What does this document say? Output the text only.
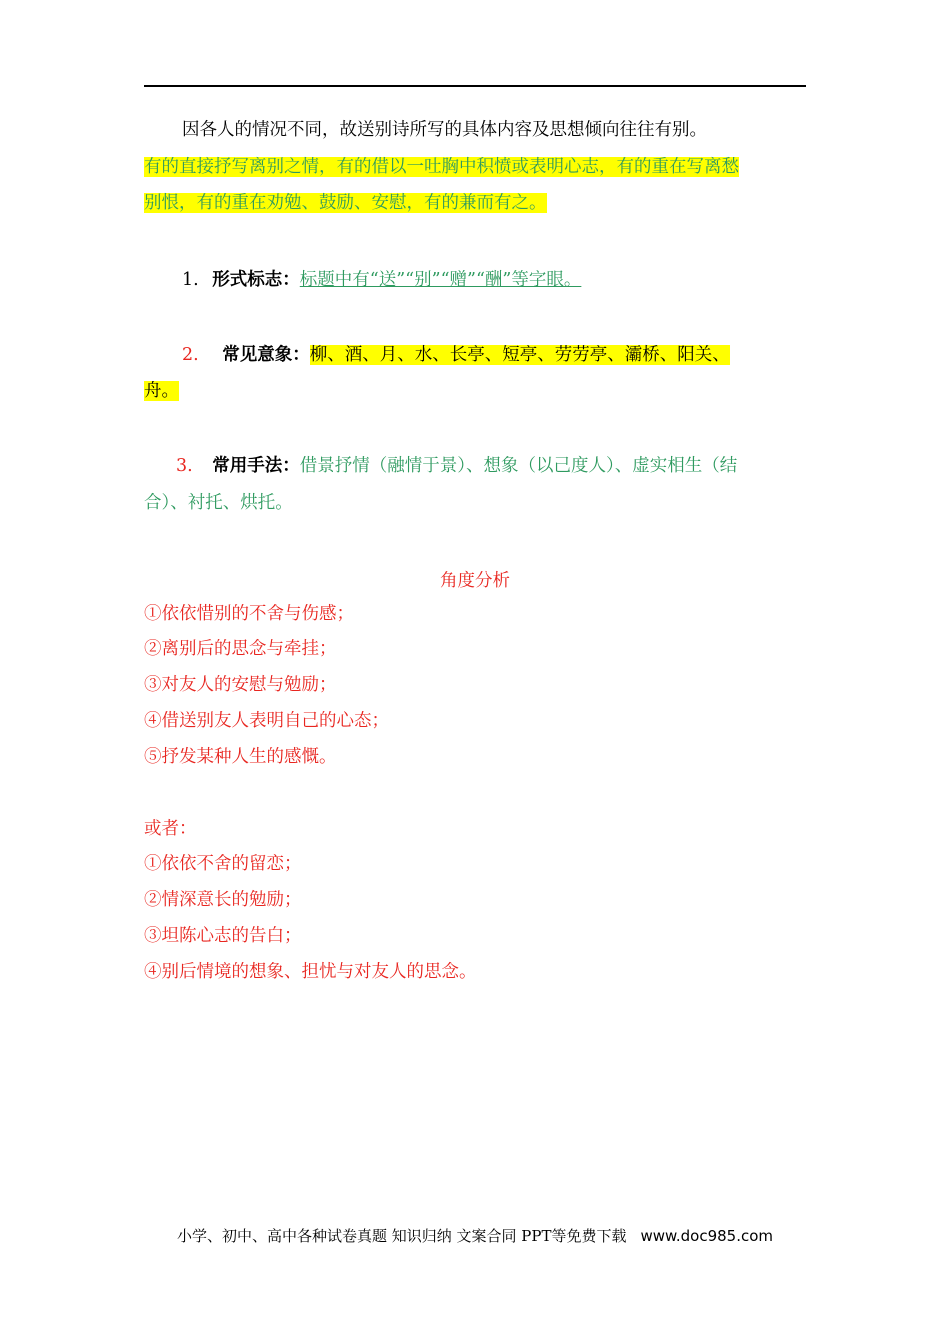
因各人的情况不同，故送别诗所写的具体内容及思想倾向往往有别。
有的直接抒写离别之情，有的借以一吐胸中积愤或表明心志，有的重在写离愁
别恨，有的重在劝勉、鼓励、安慰，有的兼而有之。
1. 形式标志：标题中有“送”“别”“赠”“酬”等字眼。
2. 常见意象：柳、酒、月、水、长亭、短亭、劳劳亭、灞桥、阳关、
舟。
3. 常用手法：借景抒情（融情于景）、想象（以己度人）、虚实相生（结
合）、衬托、烘托。
角度分析
①依依惜别的不舍与伤感；
②离别后的思念与牵挂；
③对友人的安慰与勉励；
④借送别友人表明自己的心态；
⑤抒发某种人生的感慨。
或者：
①依依不舍的留恋；
②情深意长的勉励；
③坦陈心志的告白；
④别后情境的想象、担忧与对友人的思念。
小学、初中、高中各种试卷真题 知识归纳 文案合同 PPT等免费下载 www.doc985.com
